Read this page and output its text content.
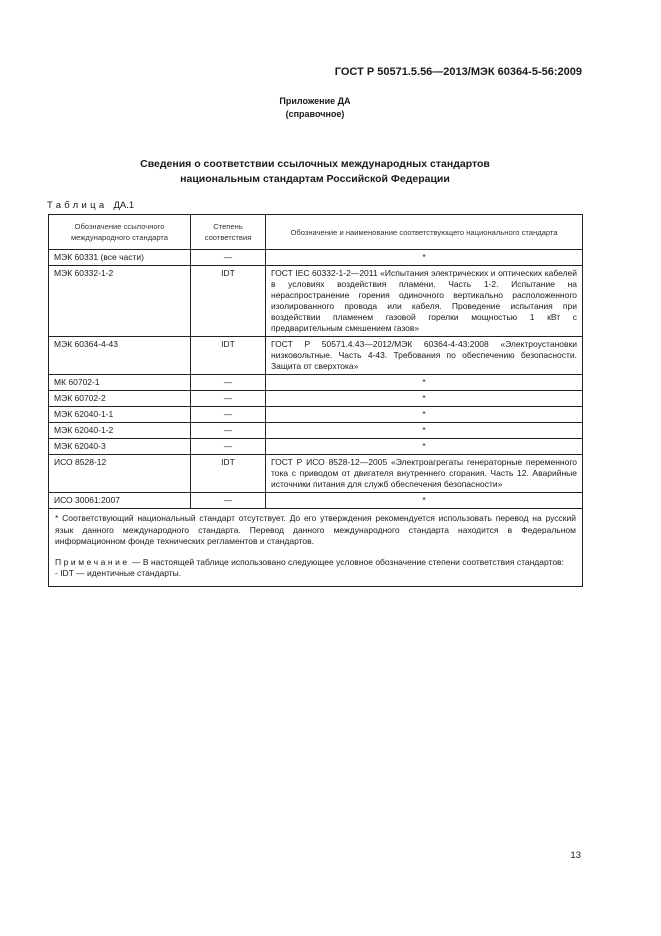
ГОСТ Р 50571.5.56—2013/МЭК 60364-5-56:2009
Приложение ДА
(справочное)
Сведения о соответствии ссылочных международных стандартов
национальным стандартам Российской Федерации
Таблица ДА.1
Обозначение ссылочного международного стандарта	Степень соответствия	Обозначение и наименование соответствующего национального стандарта
МЭК 60331 (все части)	—	*
МЭК 60332-1-2	IDT	ГОСТ IEC 60332-1-2—2011 «Испытания электрических и оптических кабелей в условиях воздействия пламени. Часть 1-2. Испытание на нераспространение горения одиночного вертикально расположенного изолированного провода или кабеля. Проведение испытания при воздействии пламенем газовой горелки мощностью 1 кВт с предварительным смешением газов»
МЭК 60364-4-43	IDT	ГОСТ Р 50571.4.43—2012/МЭК 60364-4-43:2008 «Электроустановки низковольтные. Часть 4-43. Требования по обеспечению безопасности. Защита от сверхтока»
МК 60702-1	—	*
МЭК 60702-2	—	*
МЭК 62040-1-1	—	*
МЭК 62040-1-2	—	*
МЭК 62040-3	—	*
ИСО 8528-12	IDT	ГОСТ Р ИСО 8528-12—2005 «Электроагрегаты генераторные переменного тока с приводом от двигателя внутреннего сгорания. Часть 12. Аварийные источники питания для служб обеспечения безопасности»
ИСО 30061:2007	—	*

* Соответствующий национальный стандарт отсутствует. До его утверждения рекомендуется использовать перевод на русский язык данного международного стандарта. Перевод данного международного стандарта находится в Федеральном информационном фонде технических регламентов и стандартов.

Примечание — В настоящей таблице использовано следующее условное обозначение степени соответствия стандартов:

- IDT — идентичные стандарты.		

13
